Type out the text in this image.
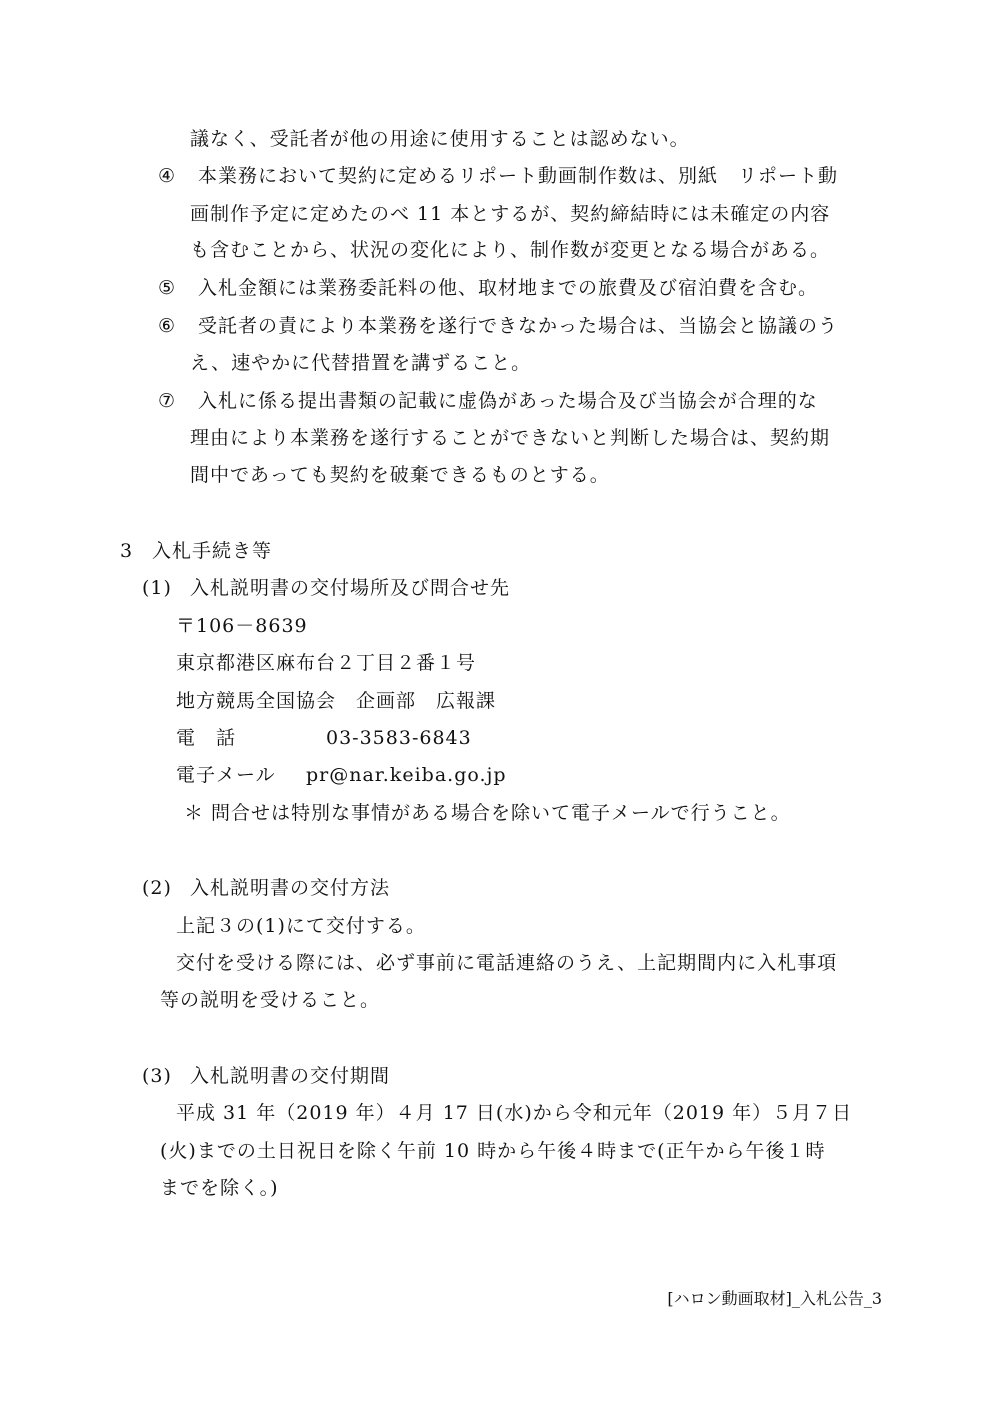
議なく、受託者が他の用途に使用することは認めない。
④ 本業務において契約に定めるリポート動画制作数は、別紙　リポート動
画制作予定に定めたのべ 11 本とするが、契約締結時には未確定の内容
も含むことから、状況の変化により、制作数が変更となる場合がある。
⑤ 入札金額には業務委託料の他、取材地までの旅費及び宿泊費を含む。
⑥ 受託者の責により本業務を遂行できなかった場合は、当協会と協議のう
え、速やかに代替措置を講ずること。
⑦ 入札に係る提出書類の記載に虚偽があった場合及び当協会が合理的な
理由により本業務を遂行することができないと判断した場合は、契約期
間中であっても契約を破棄できるものとする。
3 入札手続き等
(1) 入札説明書の交付場所及び問合せ先
〒106－8639
東京都港区麻布台２丁目２番１号
地方競馬全国協会　企画部　広報課
電　話	03-3583-6843
電子メール pr@nar.keiba.go.jp
＊ 問合せは特別な事情がある場合を除いて電子メールで行うこと。
(2) 入札説明書の交付方法
上記３の(1)にて交付する。
交付を受ける際には、必ず事前に電話連絡のうえ、上記期間内に入札事項
等の説明を受けること。
(3) 入札説明書の交付期間
平成 31 年（2019 年）４月 17 日(水)から令和元年（2019 年）５月７日
(火)までの土日祝日を除く午前 10 時から午後４時まで(正午から午後１時
までを除く。)
[ハロン動画取材]_入札公告_3
